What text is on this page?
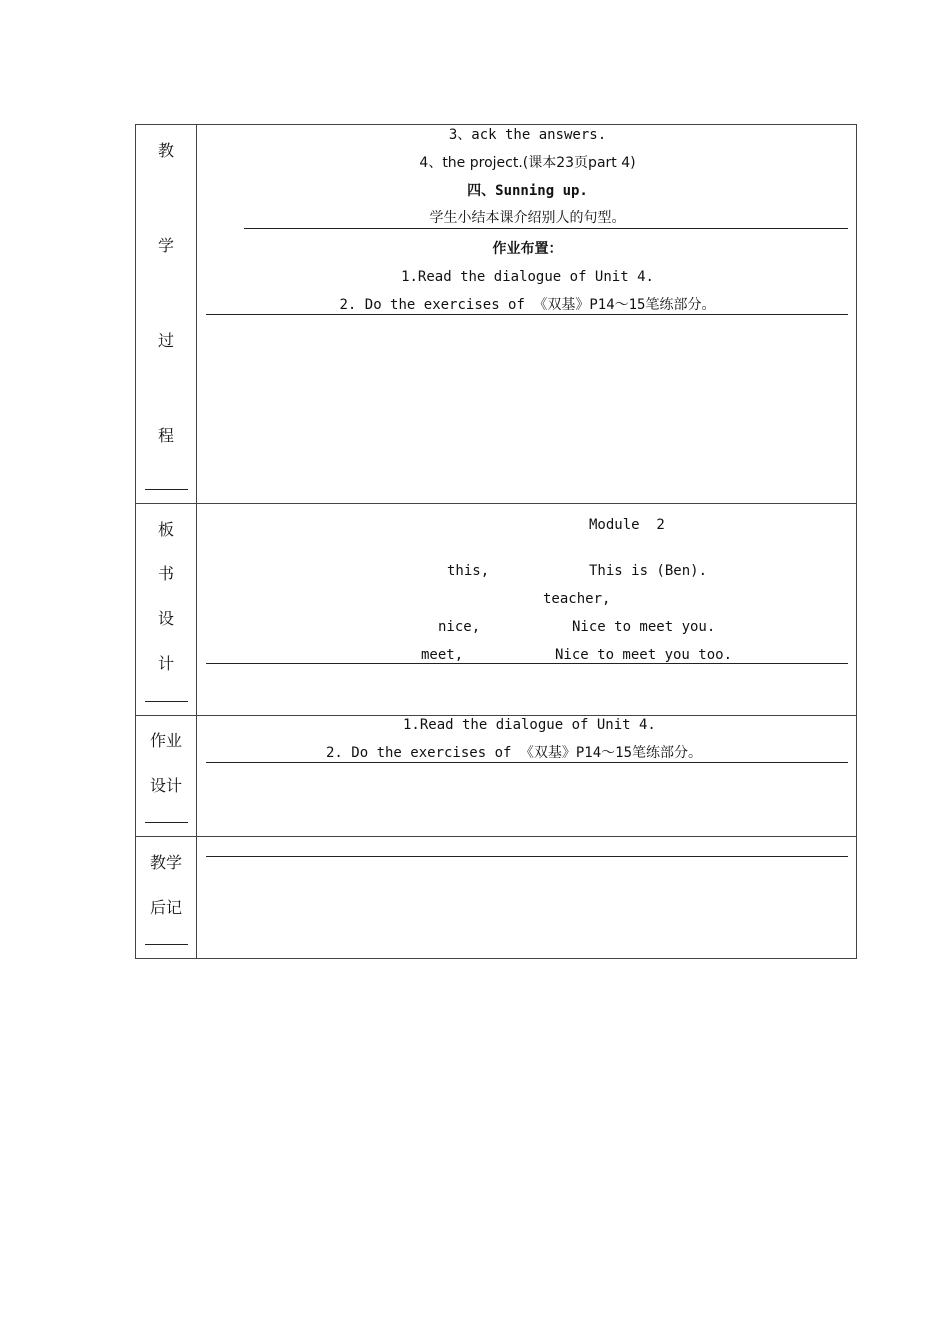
教
学
过
程
3、ack the answers.
4、the project.(课本23页part 4)
四、Sunning up.
学生小结本课介绍别人的句型。
作业布置：
1.Read the dialogue of Unit 4.
2. Do the exercises of 《双基》P14～15笔练部分。
板
书
设
计
Module  2
this,	This is (Ben).
teacher,
nice,	Nice to meet you.
meet,	Nice to meet you too.
作业
设计
1.Read the dialogue of Unit 4.
2. Do the exercises of 《双基》P14～15笔练部分。
教学
后记
